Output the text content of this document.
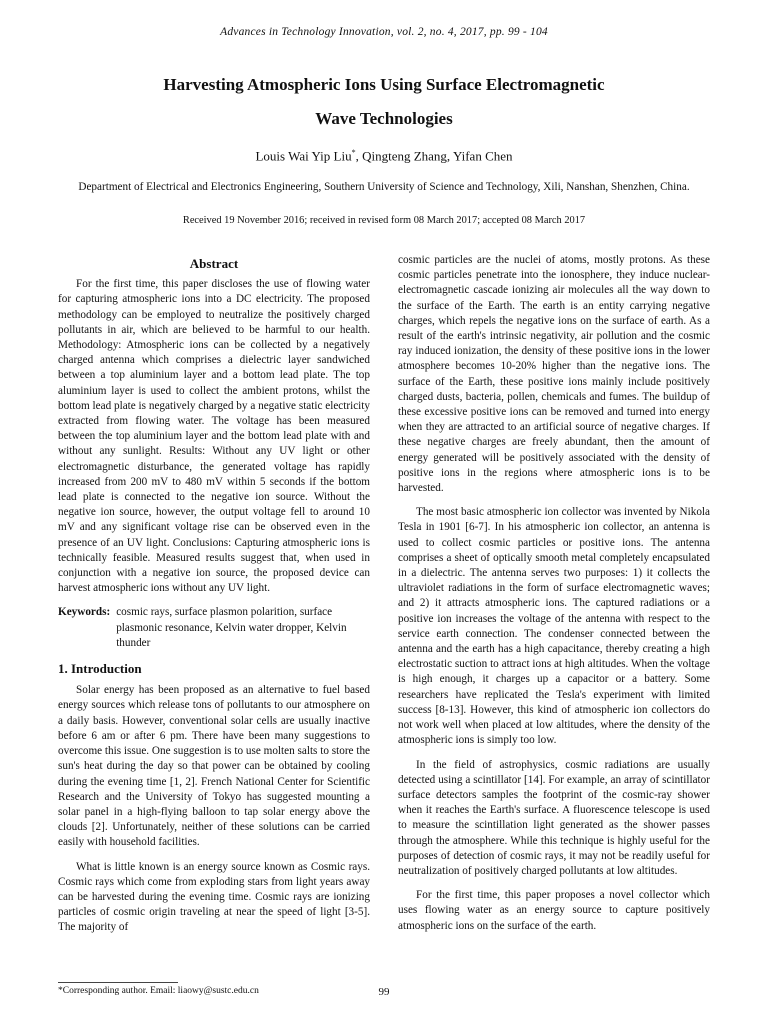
Advances in Technology Innovation, vol. 2, no. 4, 2017, pp. 99 - 104
Harvesting Atmospheric Ions Using Surface Electromagnetic
Wave Technologies
Louis Wai Yip Liu*, Qingteng Zhang, Yifan Chen
Department of Electrical and Electronics Engineering, Southern University of Science and Technology, Xili, Nanshan, Shenzhen, China.
Received 19 November 2016; received in revised form 08 March 2017; accepted 08 March 2017
Abstract

For the first time, this paper discloses the use of flowing water for capturing atmospheric ions into a DC electricity. The proposed methodology can be employed to neutralize the positively charged pollutants in air, which are believed to be harmful to our health. Methodology: Atmospheric ions can be collected by a negatively charged antenna which comprises a dielectric layer sandwiched between a top aluminium layer and a bottom lead plate. The top aluminium layer is used to collect the ambient protons, whilst the bottom lead plate is negatively charged by a negative static electricity extracted from flowing water. The voltage has been measured between the top aluminium layer and the bottom lead plate with and without any sunlight. Results: Without any UV light or other electromagnetic disturbance, the generated voltage has rapidly increased from 200 mV to 480 mV within 5 seconds if the bottom lead plate is connected to the negative ion source. Without the negative ion source, however, the output voltage fell to around 10 mV and any significant voltage rise can be observed even in the presence of an UV light. Conclusions: Capturing atmospheric ions is technically feasible. Measured results suggest that, when used in conjunction with a negative ion source, the proposed device can harvest atmospheric ions without any UV light.

Keywords: cosmic rays, surface plasmon polarition, surface plasmonic resonance, Kelvin water dropper, Kelvin thunder
1. Introduction

Solar energy has been proposed as an alternative to fuel based energy sources which release tons of pollutants to our atmosphere on a daily basis. However, conventional solar cells are usually inactive before 6 am or after 6 pm. There have been many suggestions to overcome this issue. One suggestion is to use molten salts to store the sun's heat during the day so that power can be obtained by cooling during the evening time [1, 2]. French National Center for Scientific Research and the University of Tokyo has suggested mounting a solar panel in a high-flying balloon to tap solar energy above the clouds [2]. Unfortunately, neither of these solutions can be carried easily with household facilities.

What is little known is an energy source known as Cosmic rays. Cosmic rays which come from exploding stars from light years away can be harvested during the evening time. Cosmic rays are ionizing particles of cosmic origin traveling at near the speed of light [3-5]. The majority of

cosmic particles are the nuclei of atoms, mostly protons. As these cosmic particles penetrate into the ionosphere, they induce nuclear-electromagnetic cascade ionizing air molecules all the way down to the surface of the Earth. The earth is an entity carrying negative charges, which repels the negative ions on the surface of earth. As a result of the earth's intrinsic negativity, air pollution and the cosmic ray induced ionization, the density of these positive ions in the lower atmosphere becomes 10-20% higher than the negative ions. The surface of the Earth, these positive ions mainly include positively charged dusts, bacteria, pollen, chemicals and fumes. The buildup of these excessive positive ions can be removed and turned into energy when they are attracted to an artificial source of negative charges. If these negative charges are freely abundant, then the amount of energy generated will be positively associated with the density of positive ions in the regions where atmospheric ions is to be harvested.

The most basic atmospheric ion collector was invented by Nikola Tesla in 1901 [6-7]. In his atmospheric ion collector, an antenna is used to collect cosmic particles or positive ions. The antenna comprises a sheet of optically smooth metal completely encapsulated in a dielectric. The antenna serves two purposes: 1) it collects the ultraviolet radiations in the form of surface electromagnetic waves; and 2) it attracts atmospheric ions. The captured radiations or a positive ion increases the voltage of the antenna with respect to the service earth connection. The condenser connected between the antenna and the earth has a high capacitance, thereby creating a high electrostatic suction to attract ions at high altitudes. When the voltage is high enough, it charges up a capacitor or a battery. Some researchers have replicated the Tesla's experiment with limited success [8-13]. However, this kind of atmospheric ion collectors do not work well when placed at low altitudes, where the density of the atmospheric ions is simply too low.

In the field of astrophysics, cosmic radiations are usually detected using a scintillator [14]. For example, an array of scintillator surface detectors samples the footprint of the cosmic-ray shower when it reaches the Earth's surface. A fluorescence telescope is used to measure the scintillation light generated as the shower passes through the atmosphere. While this technique is highly useful for the purposes of detection of cosmic rays, it may not be readily useful for neutralization of positively charged pollutants at low altitudes.

For the first time, this paper proposes a novel collector which uses flowing water as an energy source to capture positively atmospheric ions on the surface of the earth.

*Corresponding author. Email: liaowy@sustc.edu.cn	99
